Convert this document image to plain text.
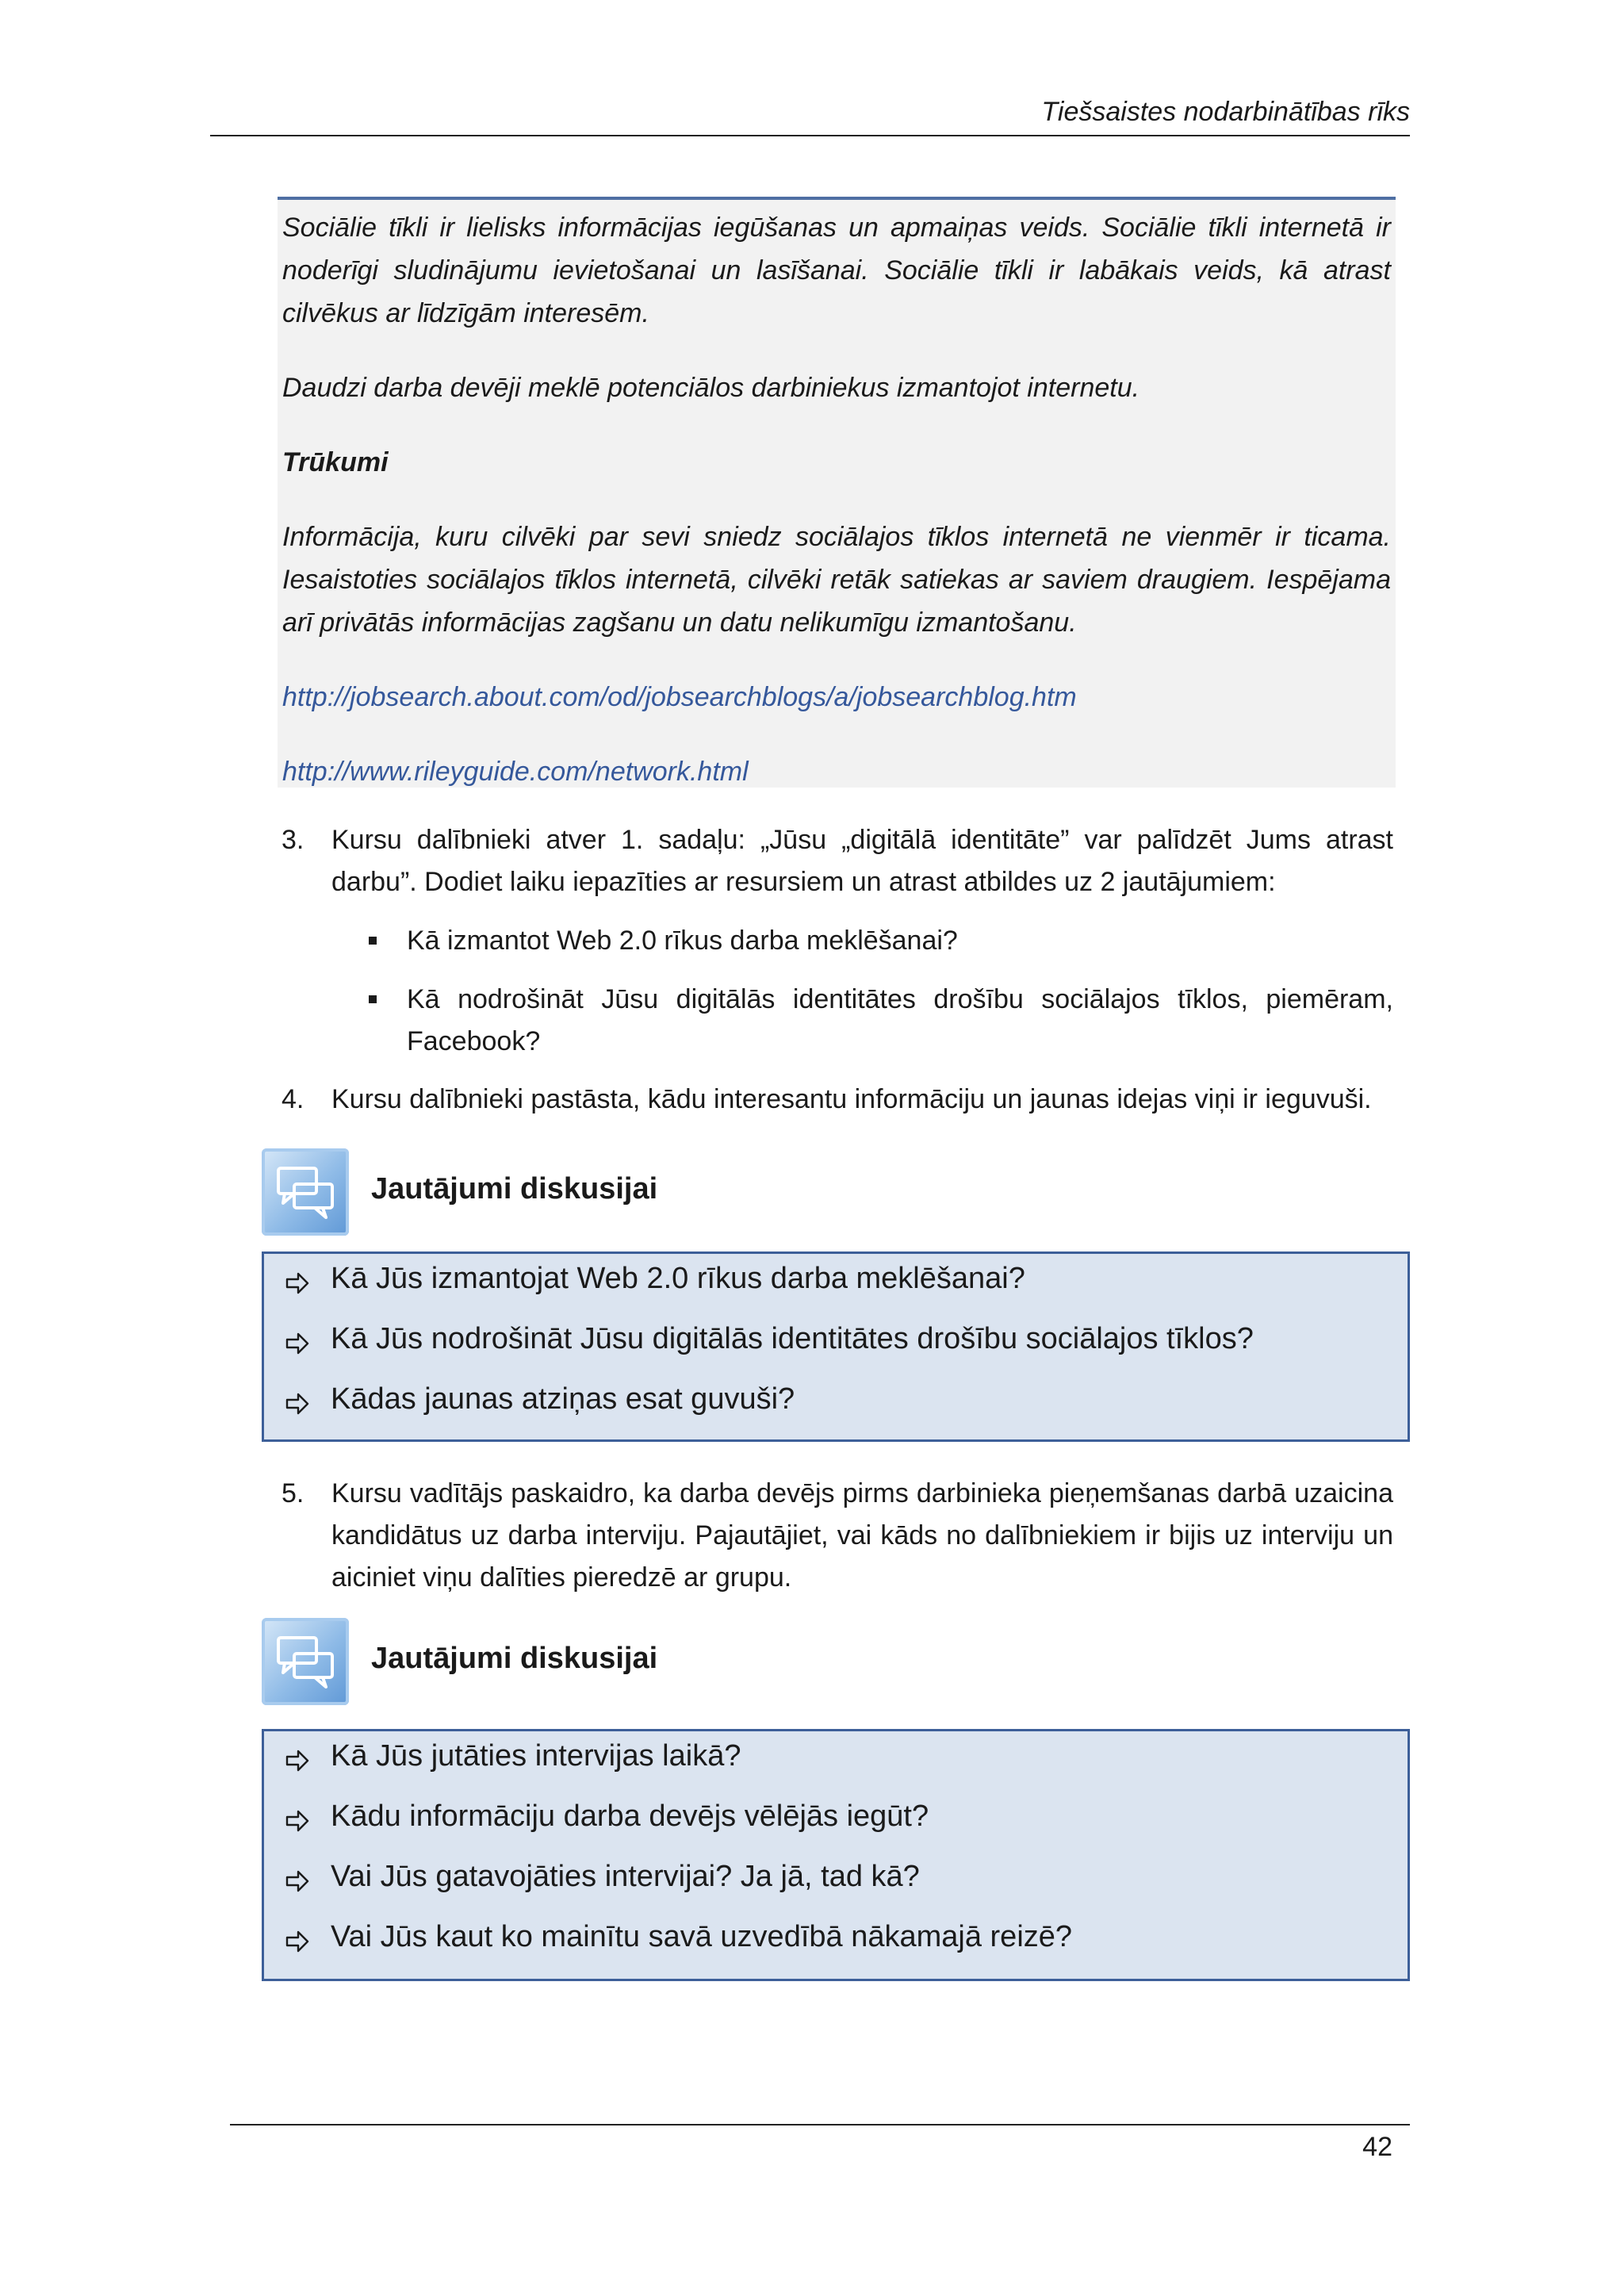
Tiešsaistes nodarbinātības rīks

Sociālie tīkli ir lielisks informācijas iegūšanas un apmaiņas veids. Sociālie tīkli internetā ir noderīgi sludinājumu ievietošanai un lasīšanai. Sociālie tīkli ir labākais veids, kā atrast cilvēkus ar līdzīgām interesēm.

Daudzi darba devēji meklē potenciālos darbiniekus izmantojot internetu.

Trūkumi

Informācija, kuru cilvēki par sevi sniedz sociālajos tīklos internetā ne vienmēr ir ticama. Iesaistoties sociālajos tīklos internetā, cilvēki retāk satiekas ar saviem draugiem. Iespējama arī privātās informācijas zagšanu un datu nelikumīgu izmantošanu.

http://jobsearch.about.com/od/jobsearchblogs/a/jobsearchblog.htm

http://www.rileyguide.com/network.html

3. Kursu dalībnieki atver 1. sadaļu: „Jūsu „digitālā identitāte” var palīdzēt Jums atrast darbu”. Dodiet laiku iepazīties ar resursiem un atrast atbildes uz 2 jautājumiem:
Kā izmantot Web 2.0 rīkus darba meklēšanai?
Kā nodrošināt Jūsu digitālās identitātes drošību sociālajos tīklos, piemēram, Facebook?
4. Kursu dalībnieki pastāsta, kādu interesantu informāciju un jaunas idejas viņi ir ieguvuši.
Jautājumi diskusijai
Kā Jūs izmantojat Web 2.0 rīkus darba meklēšanai?
Kā Jūs nodrošināt Jūsu digitālās identitātes drošību sociālajos tīklos?
Kādas jaunas atziņas esat guvuši?
5. Kursu vadītājs paskaidro, ka darba devējs pirms darbinieka pieņemšanas darbā uzaicina kandidātus uz darba interviju. Pajautājiet, vai kāds no dalībniekiem ir bijis uz interviju un aiciniet viņu dalīties pieredzē ar grupu.
Jautājumi diskusijai
Kā Jūs jutāties intervijas laikā?
Kādu informāciju darba devējs vēlējās iegūt?
Vai Jūs gatavojāties intervijai? Ja jā, tad kā?
Vai Jūs kaut ko mainītu savā uzvedībā nākamajā reizē?
42
